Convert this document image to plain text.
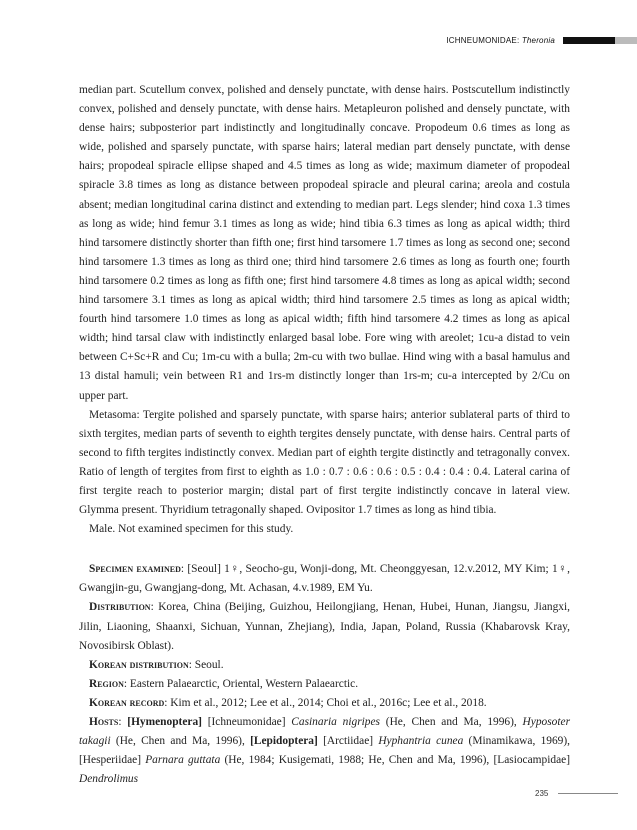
ICHNEUMONIDAE: Theronia

median part. Scutellum convex, polished and densely punctate, with dense hairs. Postscutellum indistinctly convex, polished and densely punctate, with dense hairs. Metapleuron polished and densely punctate, with dense hairs; subposterior part indistinctly and longitudinally concave. Propodeum 0.6 times as long as wide, polished and sparsely punctate, with sparse hairs; lateral median part densely punctate, with dense hairs; propodeal spiracle ellipse shaped and 4.5 times as long as wide; maximum diameter of propodeal spiracle 3.8 times as long as distance between propodeal spiracle and pleural carina; areola and costula absent; median longitudinal carina distinct and extending to median part. Legs slender; hind coxa 1.3 times as long as wide; hind femur 3.1 times as long as wide; hind tibia 6.3 times as long as apical width; third hind tarsomere distinctly shorter than fifth one; first hind tarsomere 1.7 times as long as second one; second hind tarsomere 1.3 times as long as third one; third hind tarsomere 2.6 times as long as fourth one; fourth hind tarsomere 0.2 times as long as fifth one; first hind tarsomere 4.8 times as long as apical width; second hind tarsomere 3.1 times as long as apical width; third hind tarsomere 2.5 times as long as apical width; fourth hind tarsomere 1.0 times as long as apical width; fifth hind tarsomere 4.2 times as long as apical width; hind tarsal claw with indistinctly enlarged basal lobe. Fore wing with areolet; 1cu-a distad to vein between C+Sc+R and Cu; 1m-cu with a bulla; 2m-cu with two bullae. Hind wing with a basal hamulus and 13 distal hamuli; vein between R1 and 1rs-m distinctly longer than 1rs-m; cu-a intercepted by 2/Cu on upper part.

Metasoma: Tergite polished and sparsely punctate, with sparse hairs; anterior sublateral parts of third to sixth tergites, median parts of seventh to eighth tergites densely punctate, with dense hairs. Central parts of second to fifth tergites indistinctly convex. Median part of eighth tergite distinctly and tetragonally convex. Ratio of length of tergites from first to eighth as 1.0 : 0.7 : 0.6 : 0.6 : 0.5 : 0.4 : 0.4 : 0.4. Lateral carina of first tergite reach to posterior margin; distal part of first tergite indistinctly concave in lateral view. Glymma present. Thyridium tetragonally shaped. Ovipositor 1.7 times as long as hind tibia.

Male. Not examined specimen for this study.

Specimen examined: [Seoul] 1♀, Seocho-gu, Wonji-dong, Mt. Cheonggyesan, 12.v.2012, MY Kim; 1♀, Gwangjin-gu, Gwangjang-dong, Mt. Achasan, 4.v.1989, EM Yu.

Distribution: Korea, China (Beijing, Guizhou, Heilongjiang, Henan, Hubei, Hunan, Jiangsu, Jiangxi, Jilin, Liaoning, Shaanxi, Sichuan, Yunnan, Zhejiang), India, Japan, Poland, Russia (Khabarovsk Kray, Novosibirsk Oblast).

Korean distribution: Seoul.

Region: Eastern Palaearctic, Oriental, Western Palaearctic.

Korean record: Kim et al., 2012; Lee et al., 2014; Choi et al., 2016c; Lee et al., 2018.

Hosts: [Hymenoptera] [Ichneumonidae] Casinaria nigripes (He, Chen and Ma, 1996), Hyposoter takagii (He, Chen and Ma, 1996), [Lepidoptera] [Arctiidae] Hyphantria cunea (Minamikawa, 1969), [Hesperiidae] Parnara guttata (He, 1984; Kusigemati, 1988; He, Chen and Ma, 1996), [Lasiocampidae] Dendrolimus

235
